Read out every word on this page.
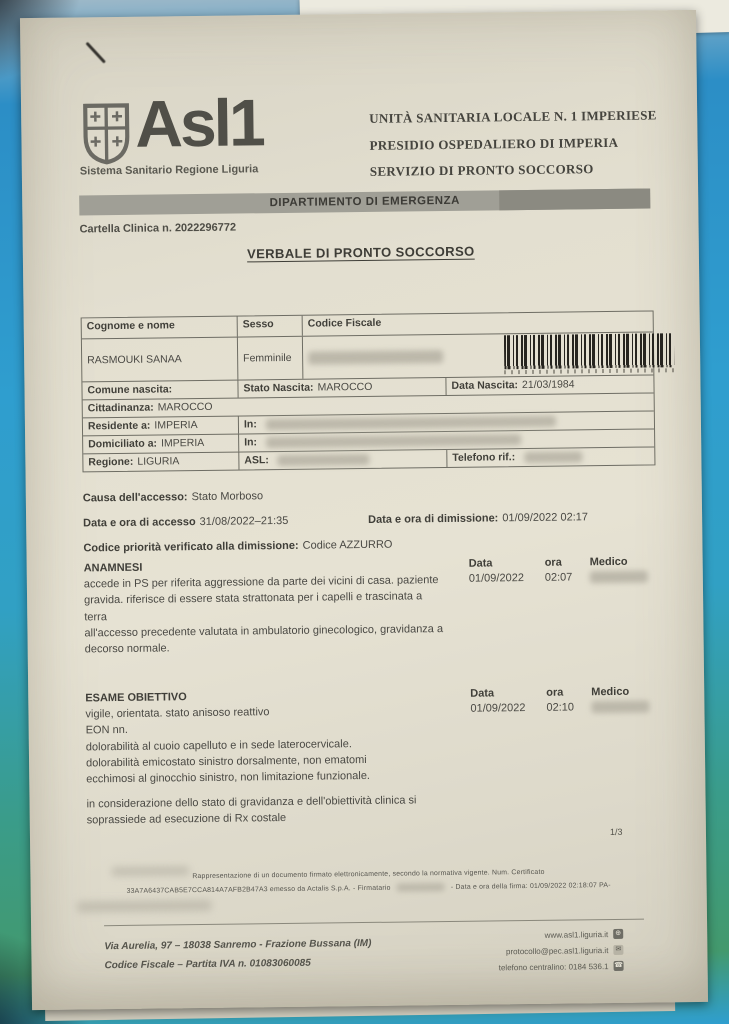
Asl1
Sistema Sanitario Regione Liguria
UNITÀ SANITARIA LOCALE N. 1 IMPERIESE
PRESIDIO OSPEDALIERO DI IMPERIA
SERVIZIO DI PRONTO SOCCORSO
DIPARTIMENTO DI EMERGENZA
Cartella Clinica n. 2022296772
VERBALE DI PRONTO SOCCORSO
Cognome e nome	Sesso	Codice Fiscale
RASMOUKI SANAA	Femminile
Comune nascita:	Stato Nascita: MAROCCO	Data Nascita: 21/03/1984
Cittadinanza: MAROCCO
Residente a: IMPERIA	In:
Domiciliato a: IMPERIA	In:
Regione: LIGURIA	ASL:	Telefono rif.:
Causa dell'accesso: Stato Morboso
Data e ora di accesso 31/08/2022–21:35	Data e ora di dimissione: 01/09/2022 02:17
Codice priorità verificato alla dimissione: Codice AZZURRO
ANAMNESI
accede in PS per riferita aggressione da parte dei vicini di casa. paziente
gravida. riferisce di essere stata strattonata per i capelli e trascinata a
terra
all'accesso precedente valutata in ambulatorio ginecologico, gravidanza a
decorso normale.
Data	ora	Medico
01/09/2022 02:07
ESAME OBIETTIVO
vigile, orientata. stato anisoso reattivo
EON nn.
dolorabilità al cuoio capelluto e in sede laterocervicale.
dolorabilità emicostato sinistro dorsalmente, non ematomi
ecchimosi al ginocchio sinistro, non limitazione funzionale.
Data	ora	Medico
01/09/2022 02:10
in considerazione dello stato di gravidanza e dell'obiettività clinica si
soprassiede ad esecuzione di Rx costale
1/3
Rappresentazione di un documento firmato elettronicamente, secondo la normativa vigente. Num. Certificato
33A7A6437CAB5E7CCA814A7AFB2B47A3 emesso da Actalis S.p.A. - Firmatario	- Data e ora della firma: 01/09/2022 02:18:07 PA-
Via Aurelia, 97 – 18038 Sanremo - Frazione Bussana (IM)
Codice Fiscale – Partita IVA n. 01083060085
www.asl1.liguria.it ⊕
protocollo@pec.asl1.liguria.it ✉
telefono centralino: 0184 536.1 ☎
